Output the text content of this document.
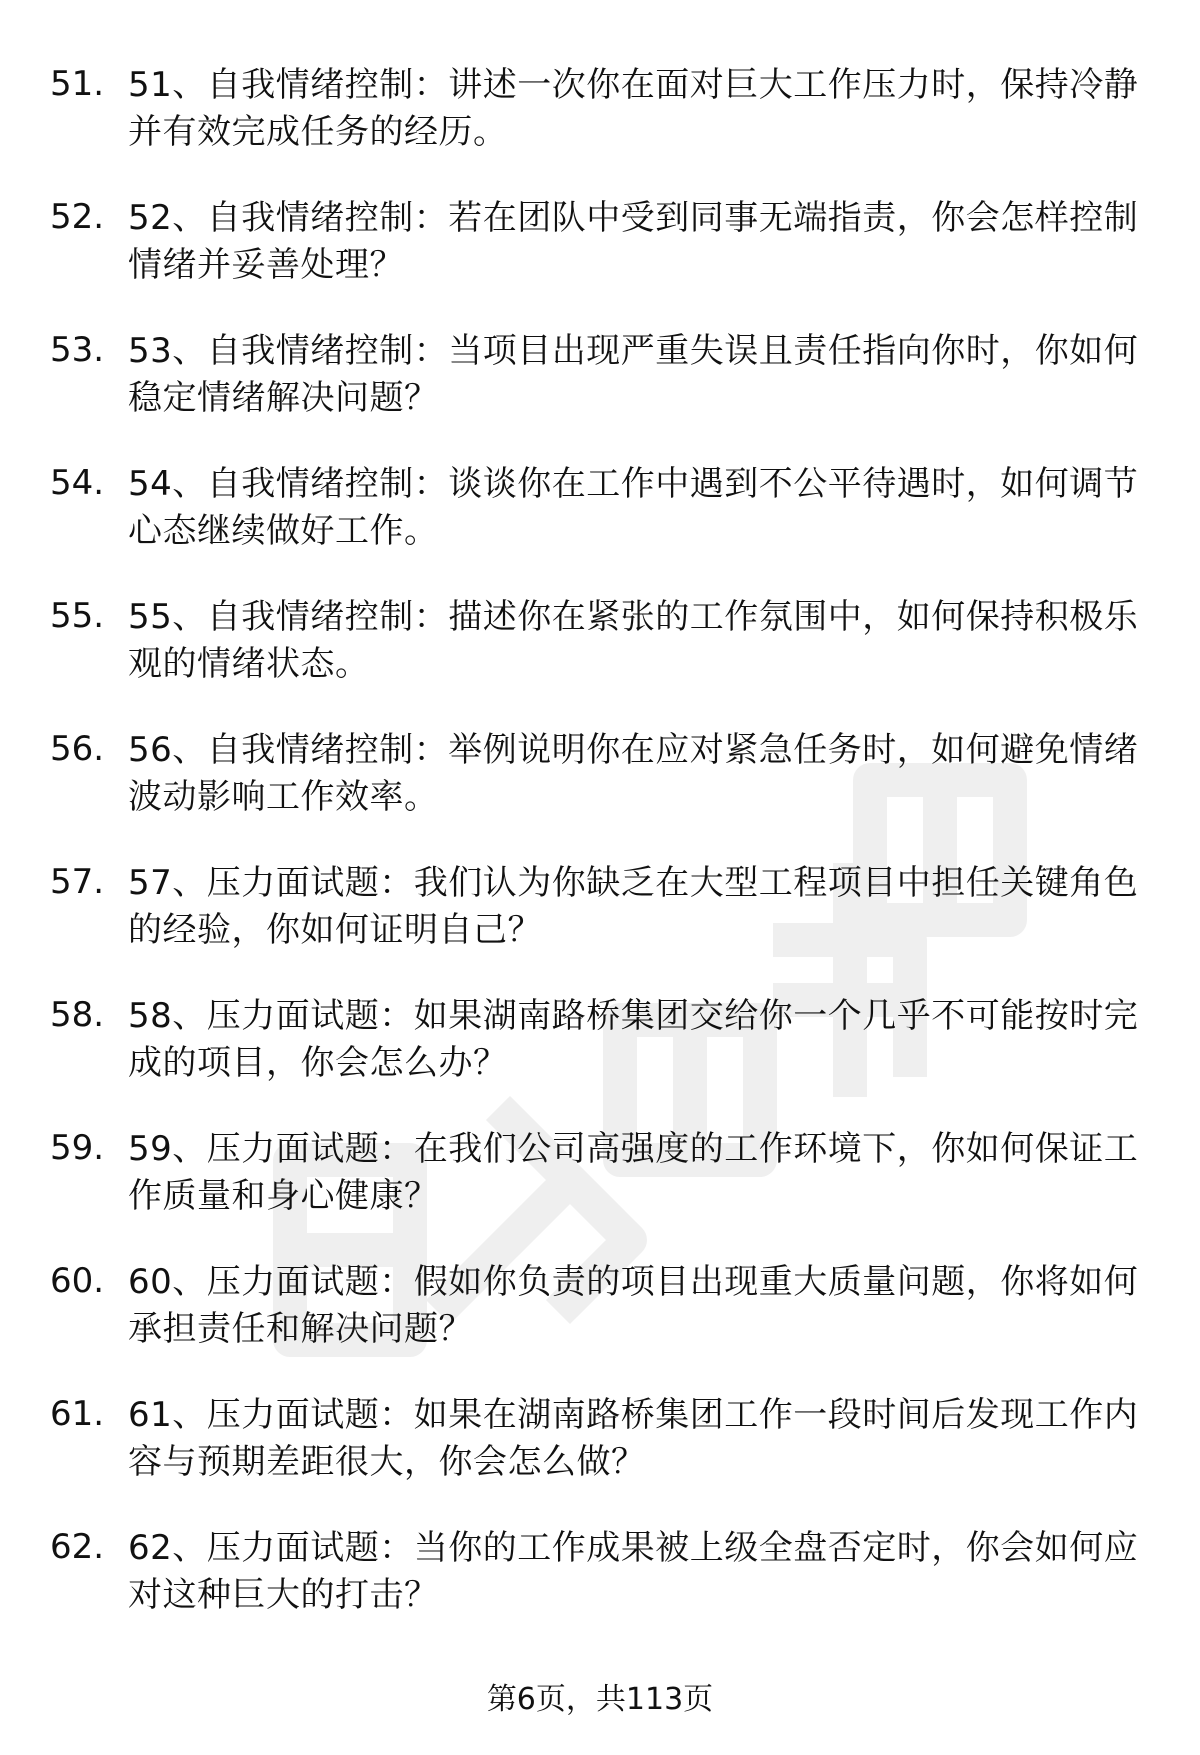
51. 51、自我情绪控制：讲述一次你在面对巨大工作压力时，保持冷静并有效完成任务的经历。
52. 52、自我情绪控制：若在团队中受到同事无端指责，你会怎样控制情绪并妥善处理？
53. 53、自我情绪控制：当项目出现严重失误且责任指向你时，你如何稳定情绪解决问题？
54. 54、自我情绪控制：谈谈你在工作中遇到不公平待遇时，如何调节心态继续做好工作。
55. 55、自我情绪控制：描述你在紧张的工作氛围中，如何保持积极乐观的情绪状态。
56. 56、自我情绪控制：举例说明你在应对紧急任务时，如何避免情绪波动影响工作效率。
57. 57、压力面试题：我们认为你缺乏在大型工程项目中担任关键角色的经验，你如何证明自己？
58. 58、压力面试题：如果湖南路桥集团交给你一个几乎不可能按时完成的项目，你会怎么办？
59. 59、压力面试题：在我们公司高强度的工作环境下，你如何保证工作质量和身心健康？
60. 60、压力面试题：假如你负责的项目出现重大质量问题，你将如何承担责任和解决问题？
61. 61、压力面试题：如果在湖南路桥集团工作一段时间后发现工作内容与预期差距很大，你会怎么做？
62. 62、压力面试题：当你的工作成果被上级全盘否定时，你会如何应对这种巨大的打击？
第6页，共113页
